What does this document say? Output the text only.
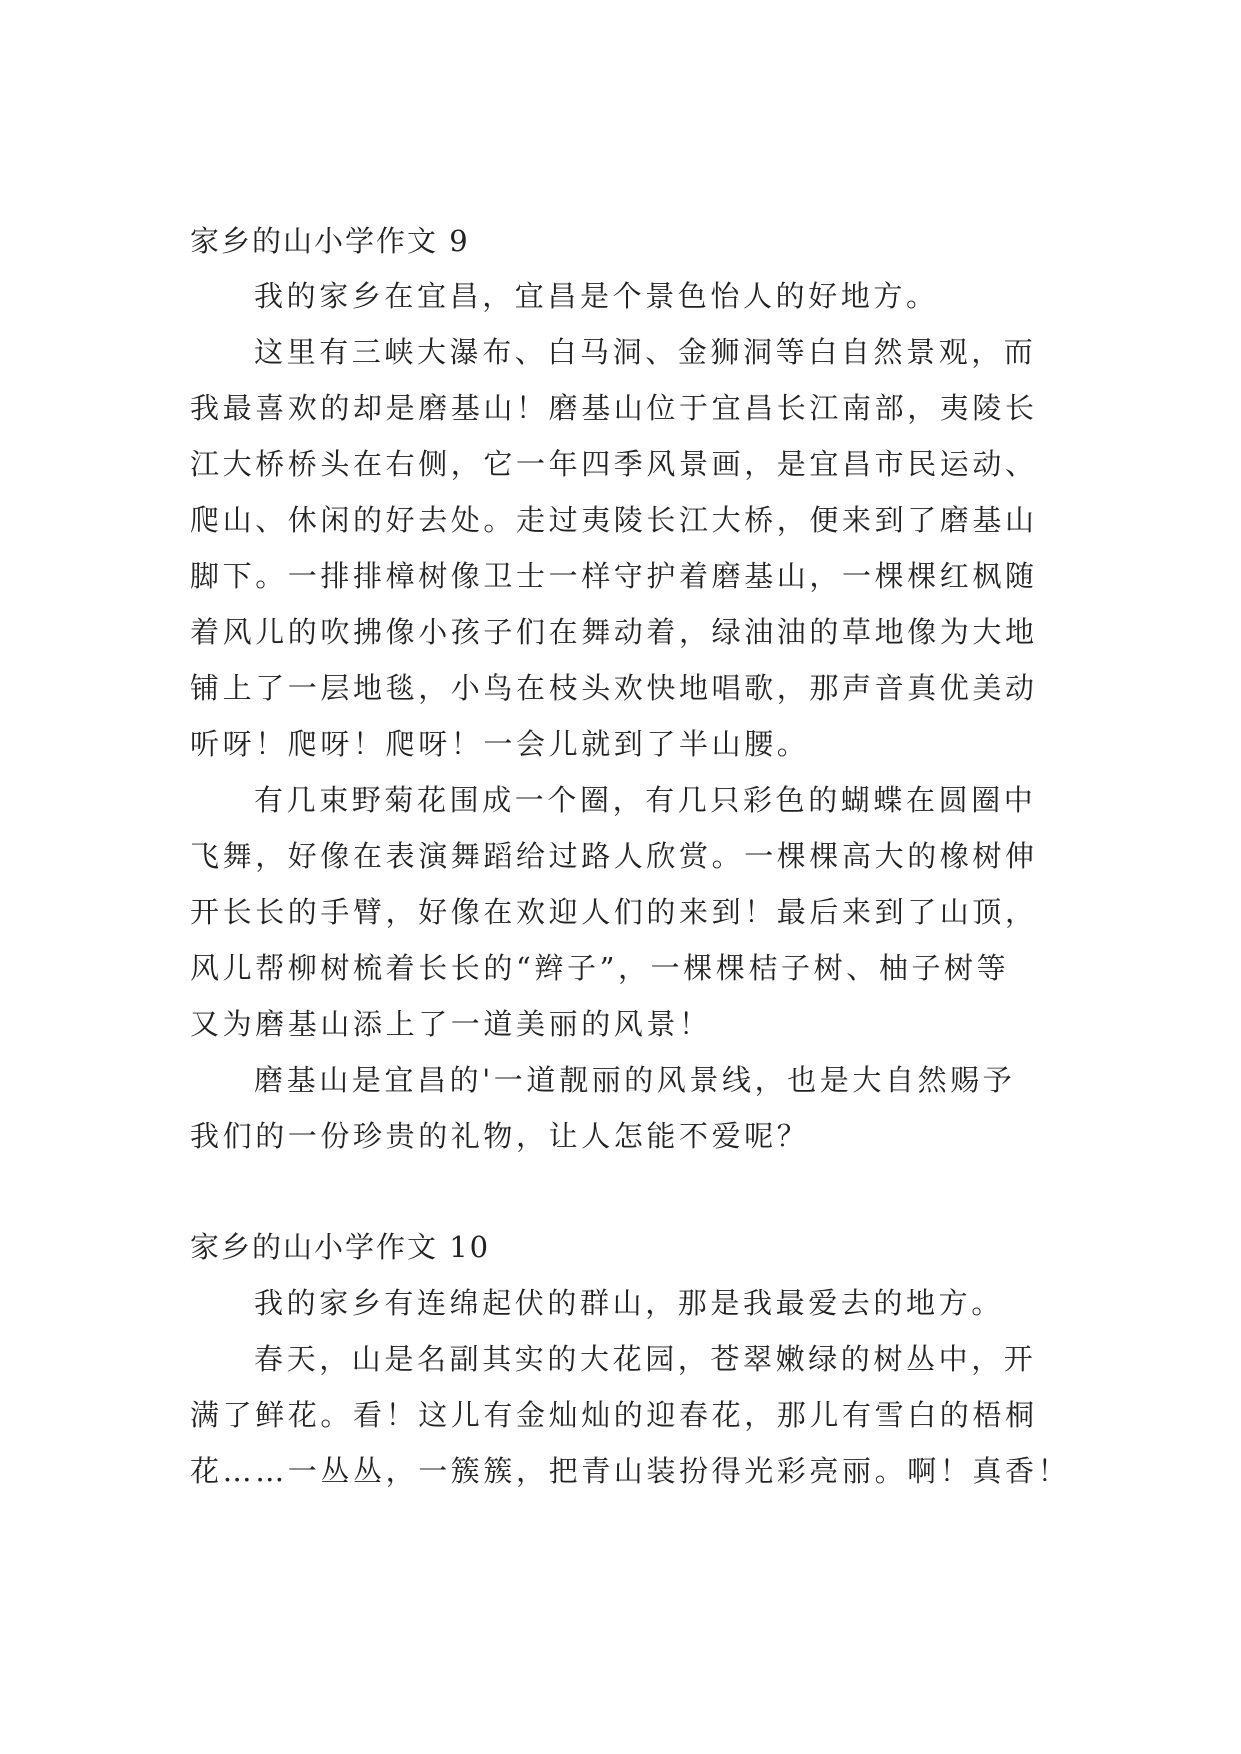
家乡的山小学作文 9
我的家乡在宜昌，宜昌是个景色怡人的好地方。
这里有三峡大瀑布、白马洞、金狮洞等白自然景观，而
我最喜欢的却是磨基山！磨基山位于宜昌长江南部，夷陵长
江大桥桥头在右侧，它一年四季风景画，是宜昌市民运动、
爬山、休闲的好去处。走过夷陵长江大桥，便来到了磨基山
脚下。一排排樟树像卫士一样守护着磨基山，一棵棵红枫随
着风儿的吹拂像小孩子们在舞动着，绿油油的草地像为大地
铺上了一层地毯，小鸟在枝头欢快地唱歌，那声音真优美动
听呀！爬呀！爬呀！一会儿就到了半山腰。
有几束野菊花围成一个圈，有几只彩色的蝴蝶在圆圈中
飞舞，好像在表演舞蹈给过路人欣赏。一棵棵高大的橡树伸
开长长的手臂，好像在欢迎人们的来到！最后来到了山顶，
风儿帮柳树梳着长长的“辫子”，一棵棵桔子树、柚子树等
又为磨基山添上了一道美丽的风景！
磨基山是宜昌的'一道靓丽的风景线，也是大自然赐予
我们的一份珍贵的礼物，让人怎能不爱呢？
家乡的山小学作文 10
我的家乡有连绵起伏的群山，那是我最爱去的地方。
春天，山是名副其实的大花园，苍翠嫩绿的树丛中，开
满了鲜花。看！这儿有金灿灿的迎春花，那儿有雪白的梧桐
花……一丛丛，一簇簇，把青山装扮得光彩亮丽。啊！真香！
